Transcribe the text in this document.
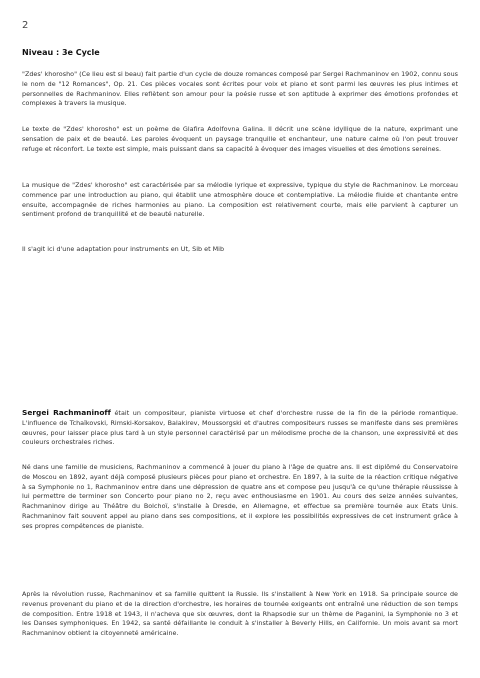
2
Niveau : 3e Cycle

"Zdes' khorosho" (Ce lieu est si beau) fait partie d'un cycle de douze romances composé par Sergei Rachmaninov en 1902, connu sous le nom de "12 Romances", Op. 21. Ces pièces vocales sont écrites pour voix et piano et sont parmi les œuvres les plus intimes et personnelles de Rachmaninov. Elles reflètent son amour pour la poésie russe et son aptitude à exprimer des émotions profondes et complexes à travers la musique.

Le texte de "Zdes' khorosho" est un poème de Glafira Adolfovna Galina. Il décrit une scène idyllique de la nature, exprimant une sensation de paix et de beauté. Les paroles évoquent un paysage tranquille et enchanteur, une nature calme où l'on peut trouver refuge et réconfort. Le texte est simple, mais puissant dans sa capacité à évoquer des images visuelles et des émotions sereines.

La musique de "Zdes' khorosho" est caractérisée par sa mélodie lyrique et expressive, typique du style de Rachmaninov. Le morceau commence par une introduction au piano, qui établit une atmosphère douce et contemplative. La mélodie fluide et chantante entre ensuite, accompagnée de riches harmonies au piano. La composition est relativement courte, mais elle parvient à capturer un sentiment profond de tranquillité et de beauté naturelle.

Il s'agit ici d'une adaptation pour instruments en Ut, Sib et Mib

Sergei Rachmaninoff était un compositeur, pianiste virtuose et chef d'orchestre russe de la fin de la période romantique. L'influence de Tchaïkovski, Rimski-Korsakov, Balakirev, Moussorgski et d'autres compositeurs russes se manifeste dans ses premières œuvres, pour laisser place plus tard à un style personnel caractérisé par un mélodisme proche de la chanson, une expressivité et des couleurs orchestrales riches.

Né dans une famille de musiciens, Rachmaninov a commencé à jouer du piano à l'âge de quatre ans. Il est diplômé du Conservatoire de Moscou en 1892, ayant déjà composé plusieurs pièces pour piano et orchestre. En 1897, à la suite de la réaction critique négative à sa Symphonie no 1, Rachmaninov entre dans une dépression de quatre ans et compose peu jusqu'à ce qu'une thérapie réussisse à lui permettre de terminer son Concerto pour piano no 2, reçu avec enthousiasme en 1901. Au cours des seize années suivantes, Rachmaninov dirige au Théâtre du Bolchoï, s'installe à Dresde, en Allemagne, et effectue sa première tournée aux Etats Unis. Rachmaninov fait souvent appel au piano dans ses compositions, et il explore les possibilités expressives de cet instrument grâce à ses propres compétences de pianiste.

Après la révolution russe, Rachmaninov et sa famille quittent la Russie. Ils s'installent à New York en 1918. Sa principale source de revenus provenant du piano et de la direction d'orchestre, les horaires de tournée exigeants ont entraîné une réduction de son temps de composition. Entre 1918 et 1943, il n'acheva que six œuvres, dont la Rhapsodie sur un thème de Paganini, la Symphonie no 3 et les Danses symphoniques. En 1942, sa santé défaillante le conduit à s'installer à Beverly Hills, en Californie. Un mois avant sa mort Rachmaninov obtient la citoyenneté américaine.
